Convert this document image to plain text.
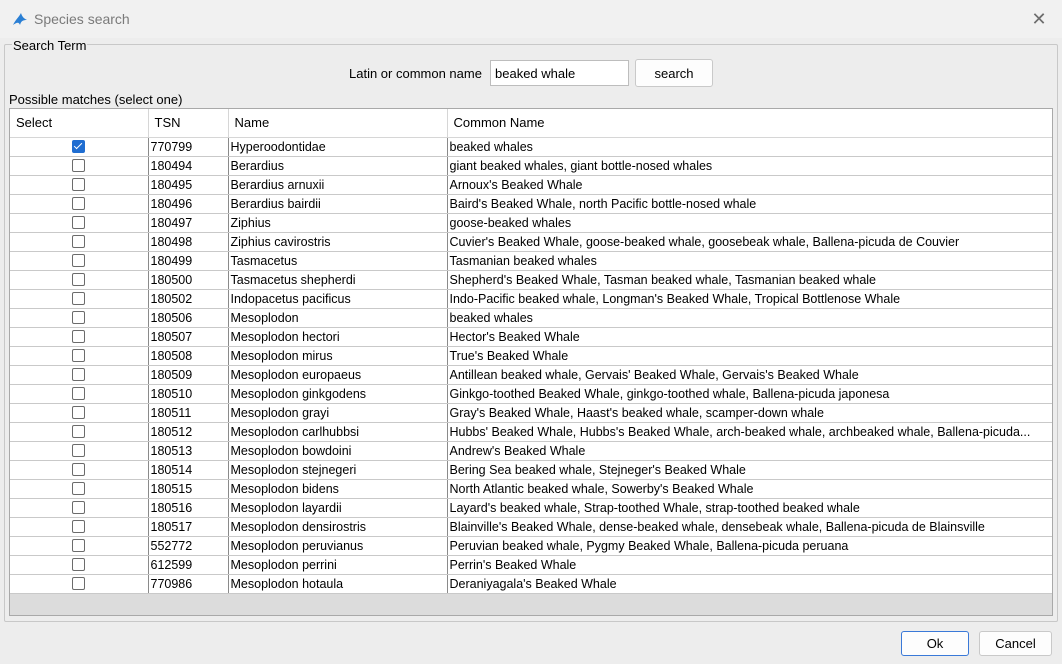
Species search	✕
Search Term
Latin or common name
beaked whale	search
Possible matches (select one)
Select	TSN	Name	Common Name
	770799	Hyperoodontidae	beaked whales
	180494	Berardius	giant beaked whales, giant bottle-nosed whales
	180495	Berardius arnuxii	Arnoux's Beaked Whale
	180496	Berardius bairdii	Baird's Beaked Whale, north Pacific bottle-nosed whale
	180497	Ziphius	goose-beaked whales
	180498	Ziphius cavirostris	Cuvier's Beaked Whale, goose-beaked whale, goosebeak whale, Ballena-picuda de Couvier
	180499	Tasmacetus	Tasmanian beaked whales
	180500	Tasmacetus shepherdi	Shepherd's Beaked Whale, Tasman beaked whale, Tasmanian beaked whale
	180502	Indopacetus pacificus	Indo-Pacific beaked whale, Longman's Beaked Whale, Tropical Bottlenose Whale
	180506	Mesoplodon	beaked whales
	180507	Mesoplodon hectori	Hector's Beaked Whale
	180508	Mesoplodon mirus	True's Beaked Whale
	180509	Mesoplodon europaeus	Antillean beaked whale, Gervais' Beaked Whale, Gervais's Beaked Whale
	180510	Mesoplodon ginkgodens	Ginkgo-toothed Beaked Whale, ginkgo-toothed whale, Ballena-picuda japonesa
	180511	Mesoplodon grayi	Gray's Beaked Whale, Haast's beaked whale, scamper-down whale
	180512	Mesoplodon carlhubbsi	Hubbs' Beaked Whale, Hubbs's Beaked Whale, arch-beaked whale, archbeaked whale, Ballena-picuda...
	180513	Mesoplodon bowdoini	Andrew's Beaked Whale
	180514	Mesoplodon stejnegeri	Bering Sea beaked whale, Stejneger's Beaked Whale
	180515	Mesoplodon bidens	North Atlantic beaked whale, Sowerby's Beaked Whale
	180516	Mesoplodon layardii	Layard's beaked whale, Strap-toothed Whale, strap-toothed beaked whale
	180517	Mesoplodon densirostris	Blainville's Beaked Whale, dense-beaked whale, densebeak whale, Ballena-picuda de Blainsville
	552772	Mesoplodon peruvianus	Peruvian beaked whale, Pygmy Beaked Whale, Ballena-picuda peruana
	612599	Mesoplodon perrini	Perrin's Beaked Whale
	770986	Mesoplodon hotaula	Deraniyagala's Beaked Whale
Ok	Cancel
